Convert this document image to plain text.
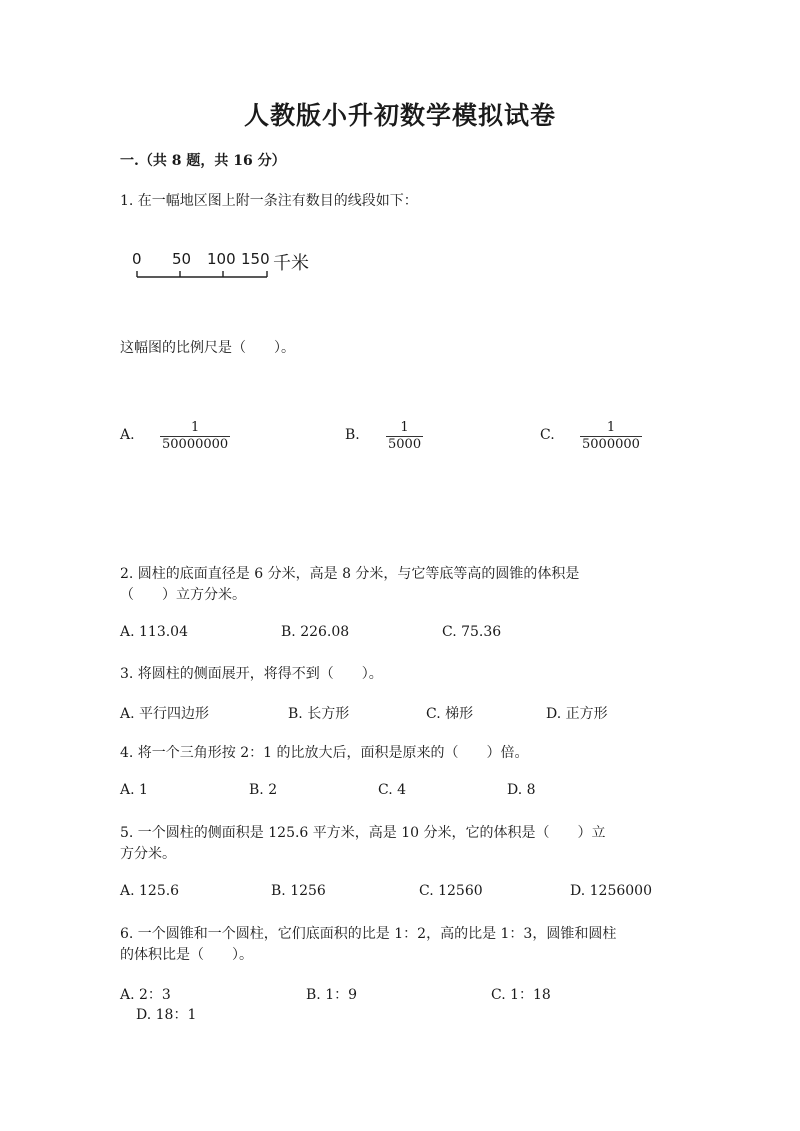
人教版小升初数学模拟试卷
一.（共 8 题，共 16 分）
1. 在一幅地区图上附一条注有数目的线段如下：
0 50 100 150 千米
这幅图的比例尺是（　　）。
A.	1
50000000
B.	1
5000
C.	1
5000000
2. 圆柱的底面直径是 6 分米，高是 8 分米，与它等底等高的圆锥的体积是
（　　）立方分米。
A. 113.04	B. 226.08	C. 75.36
3. 将圆柱的侧面展开，将得不到（　　）。
A. 平行四边形	B. 长方形	C. 梯形	D. 正方形
4. 将一个三角形按 2：1 的比放大后，面积是原来的（　　）倍。
A. 1	B. 2	C. 4	D. 8
5. 一个圆柱的侧面积是 125.6 平方米，高是 10 分米，它的体积是（　　）立
方分米。
A. 125.6	B. 1256	C. 12560	D. 1256000
6. 一个圆锥和一个圆柱，它们底面积的比是 1：2，高的比是 1：3，圆锥和圆柱
的体积比是（　　）。
A. 2：3	B. 1：9	C. 1：18
D. 18：1
